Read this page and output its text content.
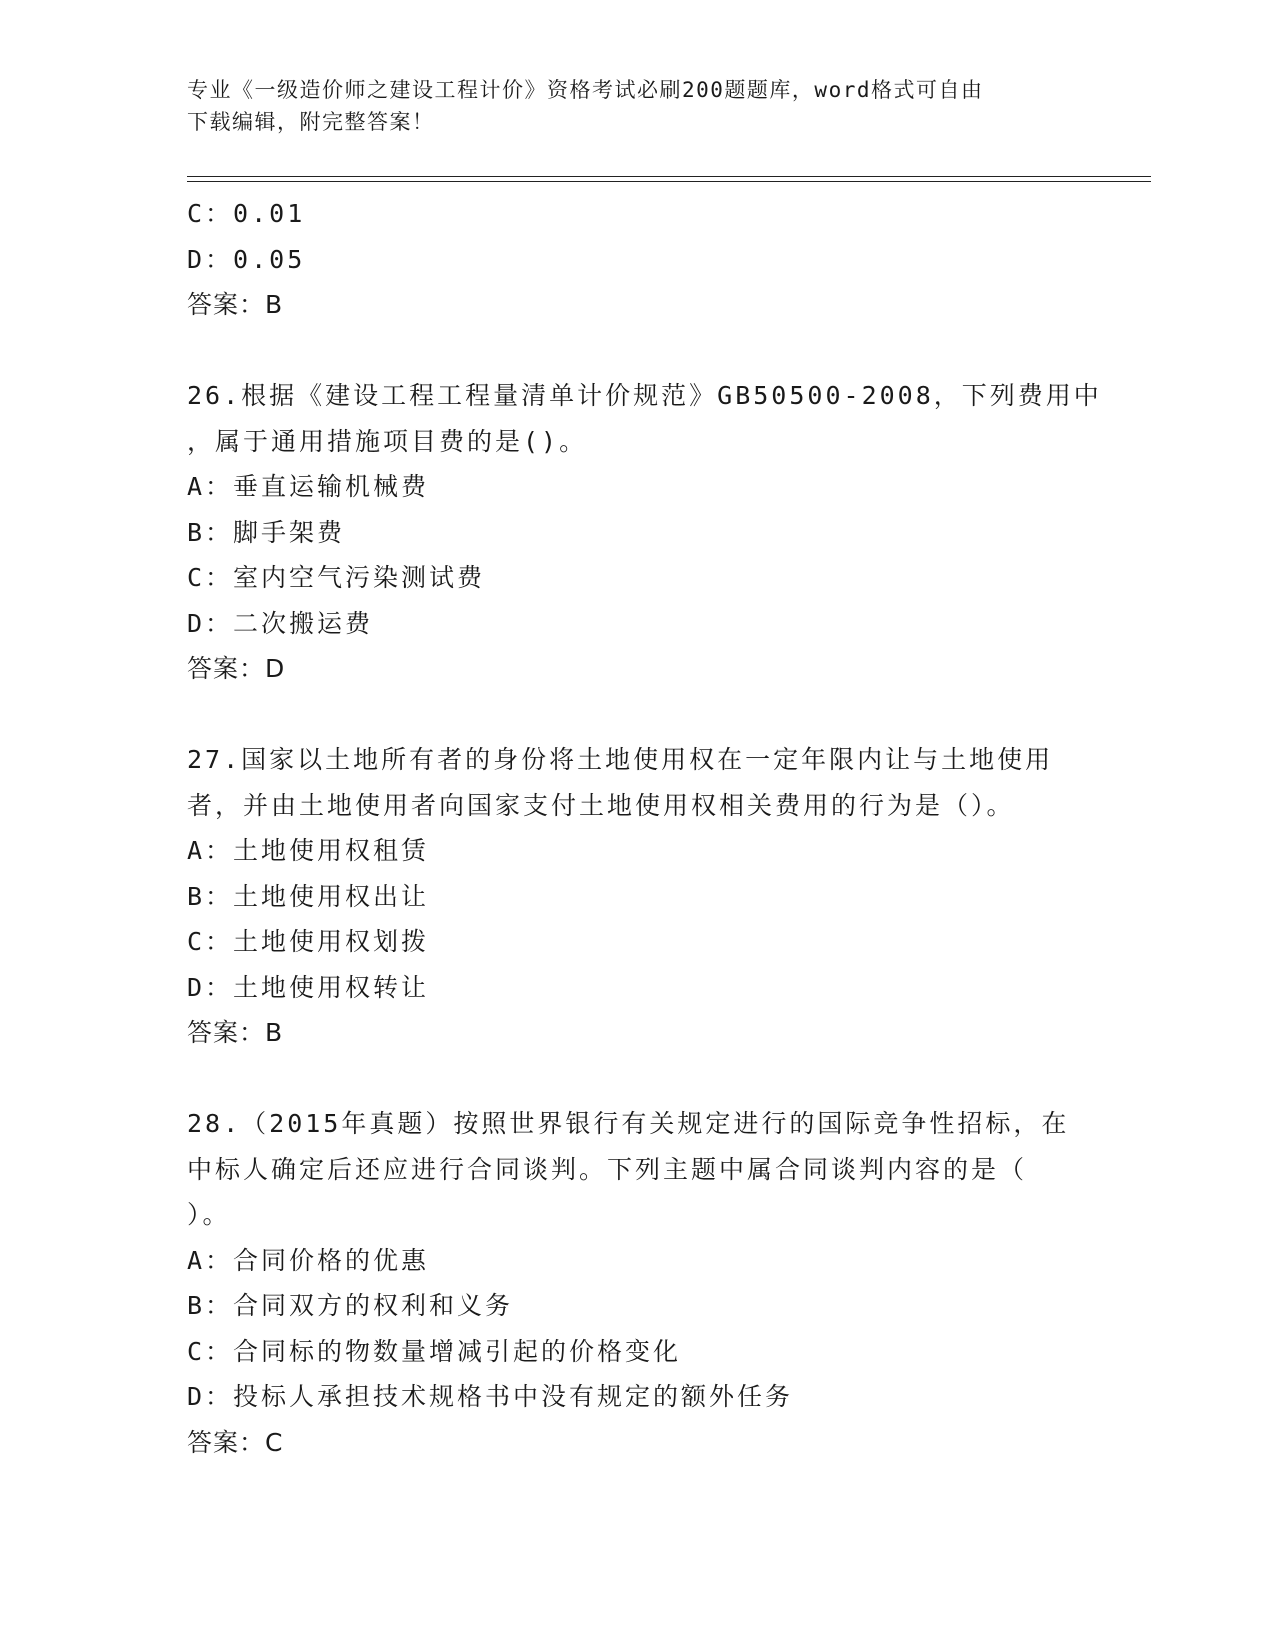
专业《一级造价师之建设工程计价》资格考试必刷200题题库，word格式可自由
下载编辑，附完整答案！
C：0.01
D：0.05
答案：B
26.根据《建设工程工程量清单计价规范》GB50500-2008，下列费用中
，属于通用措施项目费的是()。
A：垂直运输机械费
B：脚手架费
C：室内空气污染测试费
D：二次搬运费
答案：D
27.国家以土地所有者的身份将土地使用权在一定年限内让与土地使用
者，并由土地使用者向国家支付土地使用权相关费用的行为是（）。
A：土地使用权租赁
B：土地使用权出让
C：土地使用权划拨
D：土地使用权转让
答案：B
28.（2015年真题）按照世界银行有关规定进行的国际竞争性招标，在
中标人确定后还应进行合同谈判。下列主题中属合同谈判内容的是（
）。
A：合同价格的优惠
B：合同双方的权利和义务
C：合同标的物数量增减引起的价格变化
D：投标人承担技术规格书中没有规定的额外任务
答案：C
